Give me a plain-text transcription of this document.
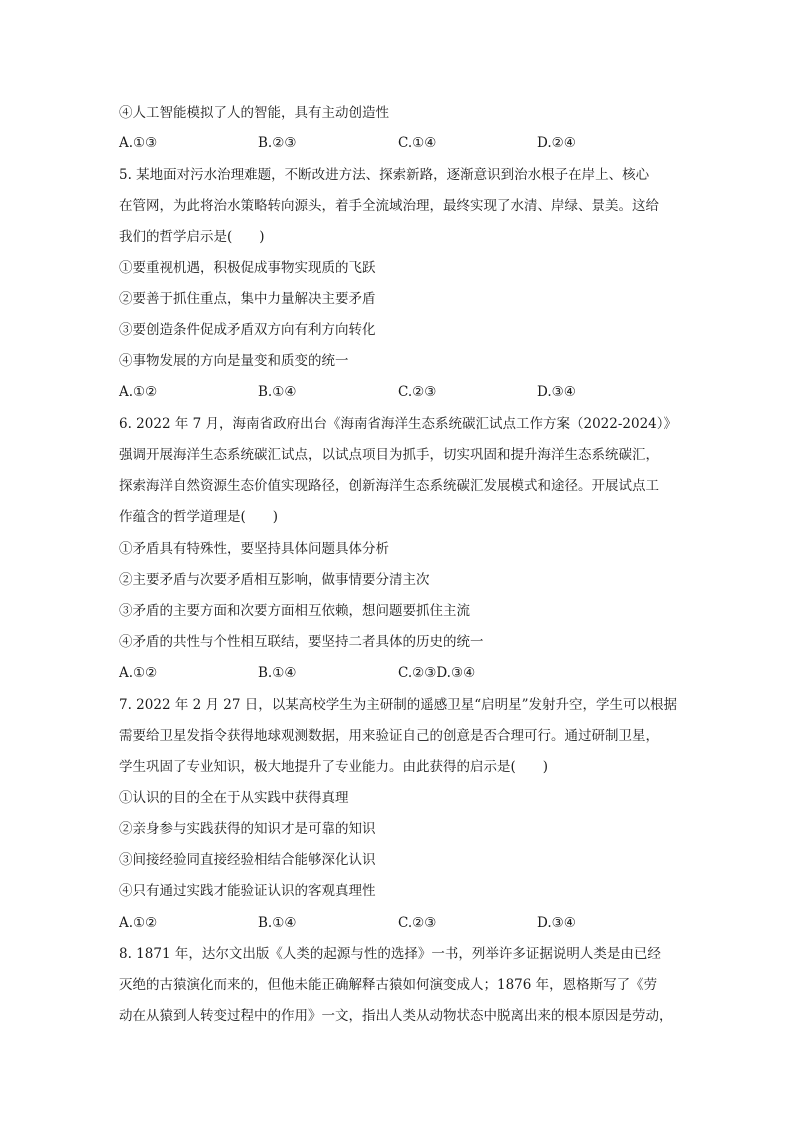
④人工智能模拟了人的智能，具有主动创造性
A.①③	B.②③	C.①④	D.②④
5. 某地面对污水治理难题，不断改进方法、探索新路，逐渐意识到治水根子在岸上、核心
在管网，为此将治水策略转向源头，着手全流域治理，最终实现了水清、岸绿、景美。这给
我们的哲学启示是(　　)
①要重视机遇，积极促成事物实现质的飞跃
②要善于抓住重点，集中力量解决主要矛盾
③要创造条件促成矛盾双方向有利方向转化
④事物发展的方向是量变和质变的统一
A.①②	B.①④	C.②③	D.③④
6. 2022 年 7 月，海南省政府出台《海南省海洋生态系统碳汇试点工作方案（2022-2024）》
强调开展海洋生态系统碳汇试点，以试点项目为抓手，切实巩固和提升海洋生态系统碳汇，
探索海洋自然资源生态价值实现路径，创新海洋生态系统碳汇发展模式和途径。开展试点工
作蕴含的哲学道理是(　　)
①矛盾具有特殊性，要坚持具体问题具体分析
②主要矛盾与次要矛盾相互影响，做事情要分清主次
③矛盾的主要方面和次要方面相互依赖，想问题要抓住主流
④矛盾的共性与个性相互联结，要坚持二者具体的历史的统一
A.①②	B.①④	C.②③D.③④
7. 2022 年 2 月 27 日，以某高校学生为主研制的遥感卫星“启明星”发射升空，学生可以根据
需要给卫星发指令获得地球观测数据，用来验证自己的创意是否合理可行。通过研制卫星，
学生巩固了专业知识，极大地提升了专业能力。由此获得的启示是(　　)
①认识的目的全在于从实践中获得真理
②亲身参与实践获得的知识才是可靠的知识
③间接经验同直接经验相结合能够深化认识
④只有通过实践才能验证认识的客观真理性
A.①②	B.①④	C.②③	D.③④
8. 1871 年，达尔文出版《人类的起源与性的选择》一书，列举许多证据说明人类是由已经
灭绝的古猿演化而来的，但他未能正确解释古猿如何演变成人；1876 年，恩格斯写了《劳
动在从猿到人转变过程中的作用》一文，指出人类从动物状态中脱离出来的根本原因是劳动，
